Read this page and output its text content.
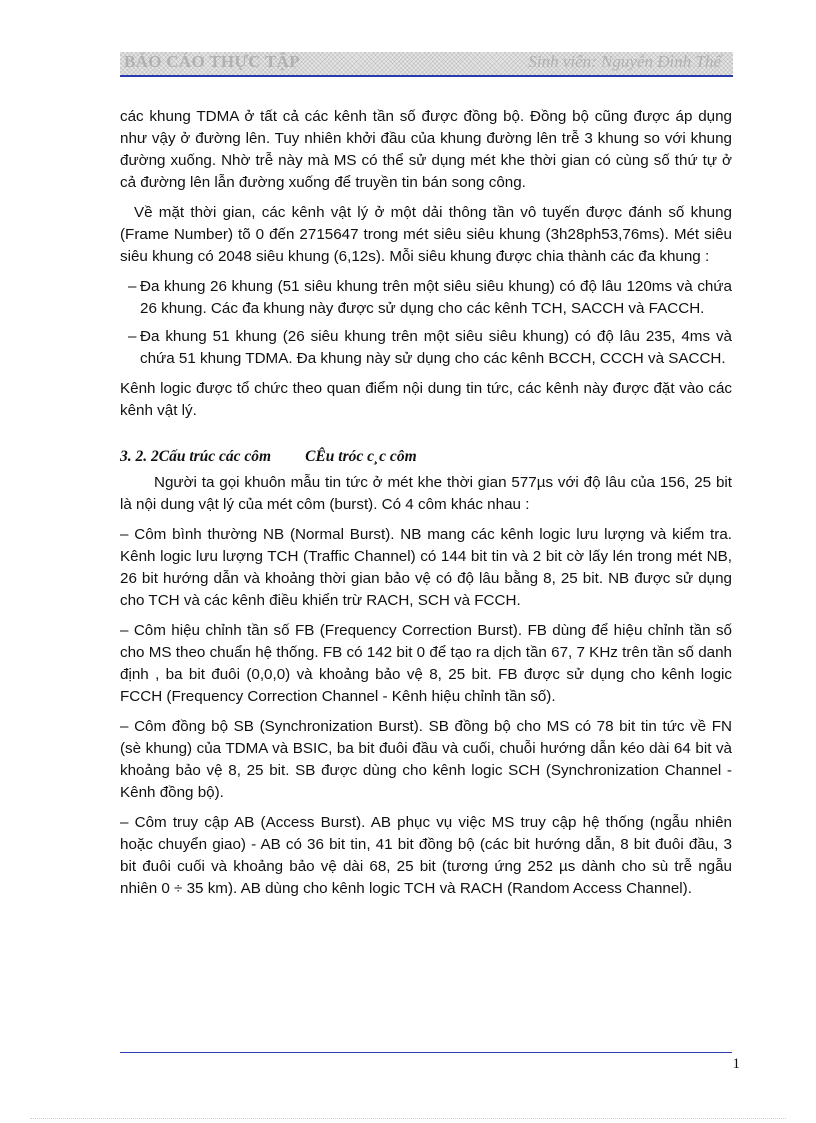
BÁO CÁO THỰC TẬP	Sinh viên: Nguyễn Đình Thế

các khung TDMA ở tất cả các kênh tần số được đồng bộ. Đồng bộ cũng được áp dụng như vậy ở đường lên. Tuy nhiên khởi đầu của khung đường lên trễ 3 khung so với khung đường xuống. Nhờ trễ này mà MS có thể sử dụng mét khe thời gian có cùng số thứ tự ở cả đường lên lẫn đường xuống để truyền tin bán song công.

Về mặt thời gian, các kênh vật lý ở một dải thông tần vô tuyến được đánh số khung (Frame Number) tõ 0 đến 2715647 trong mét siêu siêu khung (3h28ph53,76ms). Mét siêu siêu khung có 2048 siêu khung (6,12s). Mỗi siêu khung được chia thành các đa khung :

– Đa khung 26 khung (51 siêu khung trên một siêu siêu khung) có độ lâu 120ms và chứa 26 khung. Các đa khung này được sử dụng cho các kênh TCH, SACCH và FACCH.
– Đa khung 51 khung (26 siêu khung trên một siêu siêu khung) có độ lâu 235, 4ms và chứa 51 khung TDMA. Đa khung này sử dụng cho các kênh BCCH, CCCH và SACCH.

Kênh logic được tổ chức theo quan điểm nội dung tin tức, các kênh này được đặt vào các kênh vật lý.

3. 2. 2Cấu trúc các côm CÊu tróc c¸c côm

Người ta gọi khuôn mẫu tin tức ở mét khe thời gian 577µs với độ lâu của 156, 25 bit là nội dung vật lý của mét côm (burst). Có 4 côm khác nhau :

– Côm bình thường NB (Normal Burst). NB mang các kênh logic lưu lượng và kiểm tra. Kênh logic lưu lượng TCH (Traffic Channel) có 144 bit tin và 2 bit cờ lấy lén trong mét NB, 26 bit hướng dẫn và khoảng thời gian bảo vệ có độ lâu bằng 8, 25 bit. NB được sử dụng cho TCH và các kênh điều khiển trừ RACH, SCH và FCCH.

– Côm hiệu chỉnh tần số FB (Frequency Correction Burst). FB dùng để hiệu chỉnh tần số cho MS theo chuẩn hệ thống. FB có 142 bit 0 để tạo ra dịch tần 67, 7 KHz trên tần số danh định , ba bit đuôi (0,0,0) và khoảng bảo vệ 8, 25 bit. FB được sử dụng cho kênh logic FCCH (Frequency Correction Channel - Kênh hiệu chỉnh tần số).

– Côm đồng bộ SB (Synchronization Burst). SB đồng bộ cho MS có 78 bit tin tức về FN (sè khung) của TDMA và BSIC, ba bit đuôi đầu và cuối, chuỗi hướng dẫn kéo dài 64 bit và khoảng bảo vệ 8, 25 bit. SB được dùng cho kênh logic SCH (Synchronization Channel - Kênh đồng bộ).

– Côm truy cập AB (Access Burst). AB phục vụ việc MS truy cập hệ thống (ngẫu nhiên hoặc chuyển giao) - AB có 36 bit tin, 41 bit đồng bộ (các bit hướng dẫn, 8 bit đuôi đầu, 3 bit đuôi cuối và khoảng bảo vệ dài 68, 25 bit (tương ứng 252 µs dành cho sù trễ ngẫu nhiên 0 ÷ 35 km). AB dùng cho kênh logic TCH và RACH (Random Access Channel).

1
